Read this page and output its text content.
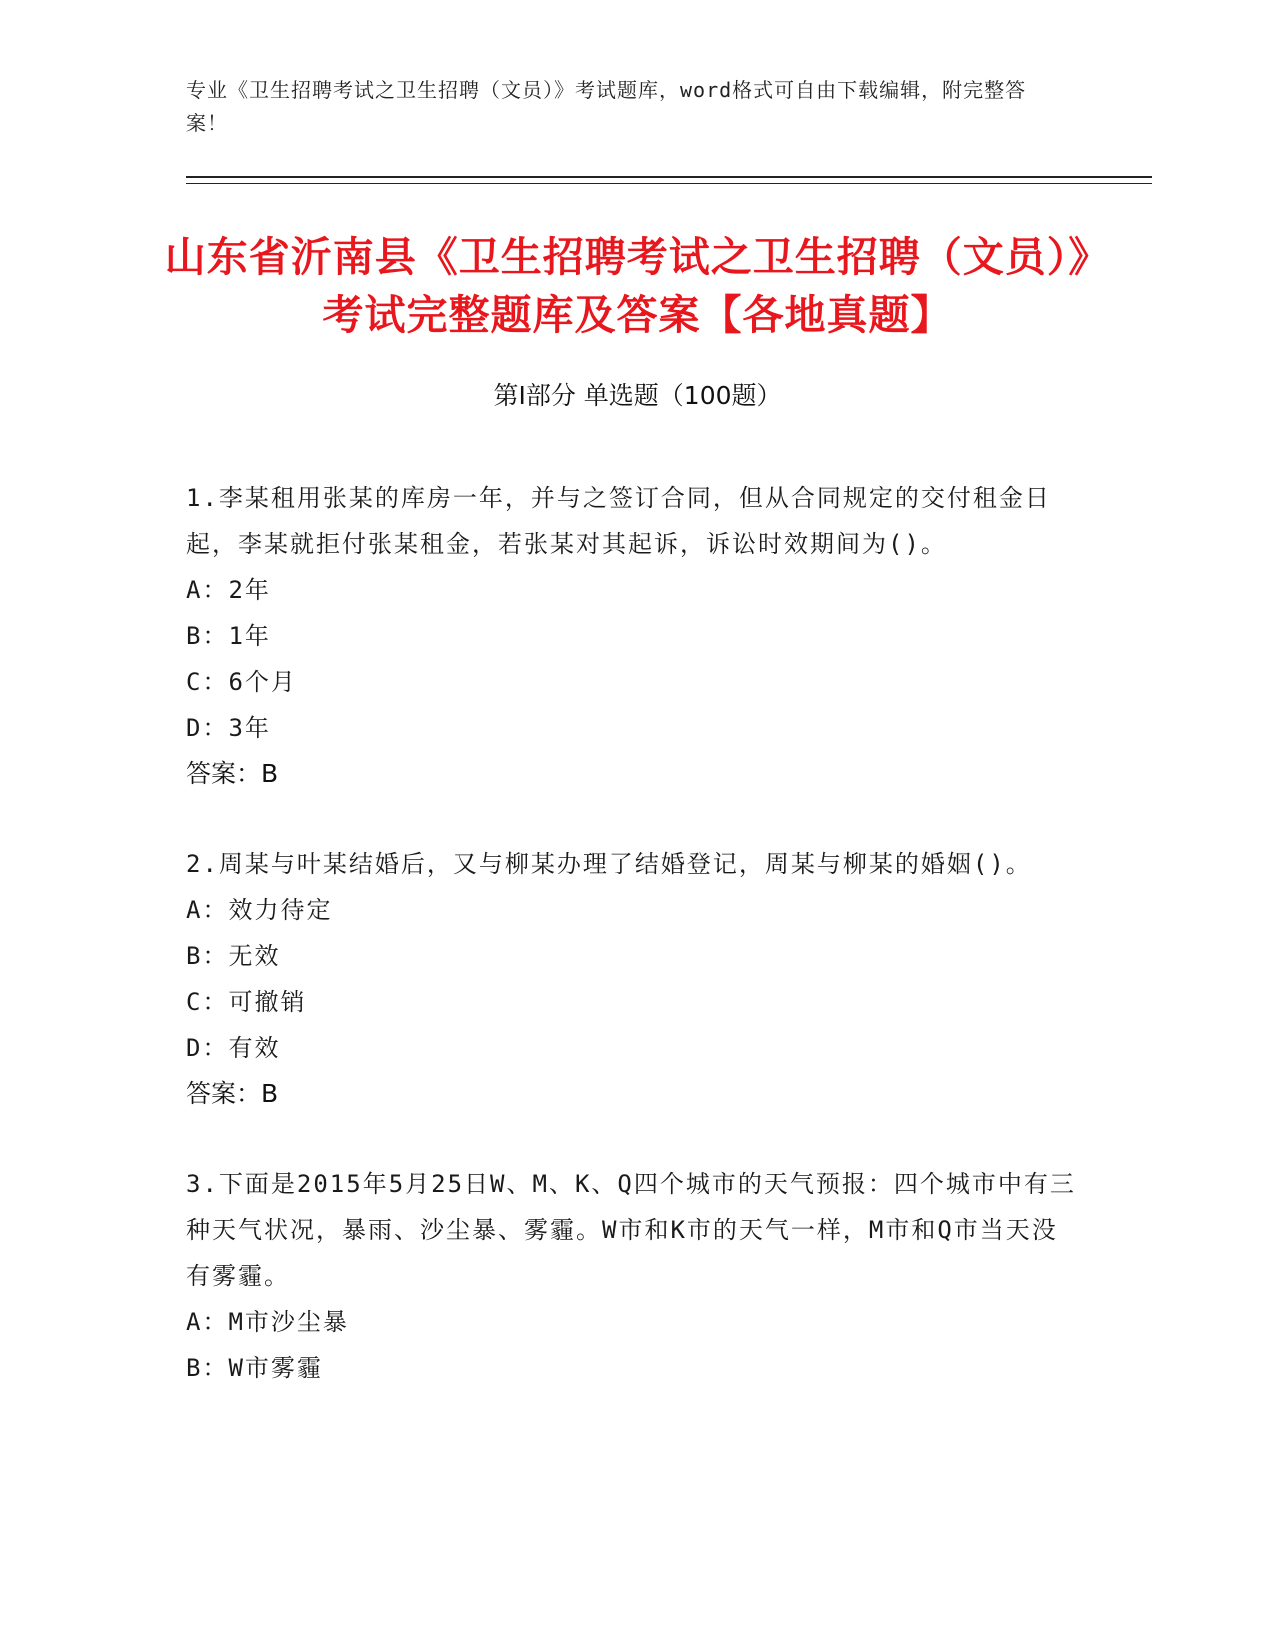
专业《卫生招聘考试之卫生招聘（文员）》考试题库，word格式可自由下载编辑，附完整答案！
山东省沂南县《卫生招聘考试之卫生招聘（文员）》考试完整题库及答案【各地真题】
第Ⅰ部分 单选题（100题）

1.李某租用张某的库房一年，并与之签订合同，但从合同规定的交付租金日起，李某就拒付张某租金，若张某对其起诉，诉讼时效期间为()。

A：2年
B：1年
C：6个月
D：3年
答案：B

2.周某与叶某结婚后，又与柳某办理了结婚登记，周某与柳某的婚姻()。

A：效力待定
B：无效
C：可撤销
D：有效
答案：B

3.下面是2015年5月25日W、M、K、Q四个城市的天气预报：四个城市中有三种天气状况，暴雨、沙尘暴、雾霾。W市和K市的天气一样，M市和Q市当天没有雾霾。

A：M市沙尘暴
B：W市雾霾
